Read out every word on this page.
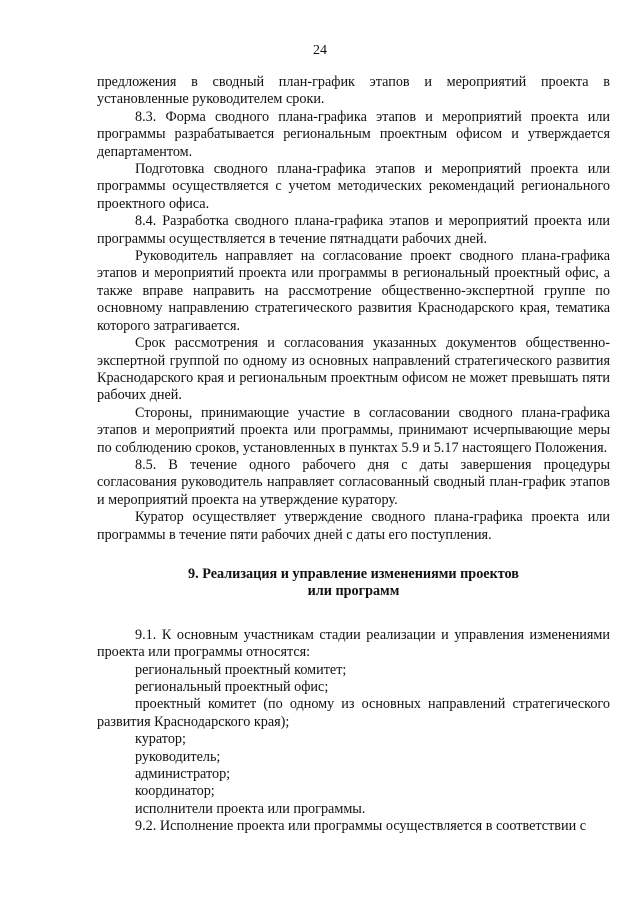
24

предложения в сводный план-график этапов и мероприятий проекта в установленные руководителем сроки.

8.3. Форма сводного плана-графика этапов и мероприятий проекта или программы разрабатывается региональным проектным офисом и утверждается департаментом.

Подготовка сводного плана-графика этапов и мероприятий проекта или программы осуществляется с учетом методических рекомендаций регионального проектного офиса.

8.4. Разработка сводного плана-графика этапов и мероприятий проекта или программы осуществляется в течение пятнадцати рабочих дней.

Руководитель направляет на согласование проект сводного плана-графика этапов и мероприятий проекта или программы в региональный проектный офис, а также вправе направить на рассмотрение общественно-экспертной группе по основному направлению стратегического развития Краснодарского края, тематика которого затрагивается.

Срок рассмотрения и согласования указанных документов общественно-экспертной группой по одному из основных направлений стратегического развития Краснодарского края и региональным проектным офисом не может превышать пяти рабочих дней.

Стороны, принимающие участие в согласовании сводного плана-графика этапов и мероприятий проекта или программы, принимают исчерпывающие меры по соблюдению сроков, установленных в пунктах 5.9 и 5.17 настоящего Положения.

8.5. В течение одного рабочего дня с даты завершения процедуры согласования руководитель направляет согласованный сводный план-график этапов и мероприятий проекта на утверждение куратору.

Куратор осуществляет утверждение сводного плана-графика проекта или программы в течение пяти рабочих дней с даты его поступления.

9. Реализация и управление изменениями проектов
или программ

9.1. К основным участникам стадии реализации и управления изменениями проекта или программы относятся:

региональный проектный комитет;

региональный проектный офис;

проектный комитет (по одному из основных направлений стратегического развития Краснодарского края);

куратор;

руководитель;

администратор;

координатор;

исполнители проекта или программы.

9.2. Исполнение проекта или программы осуществляется в соответствии с
